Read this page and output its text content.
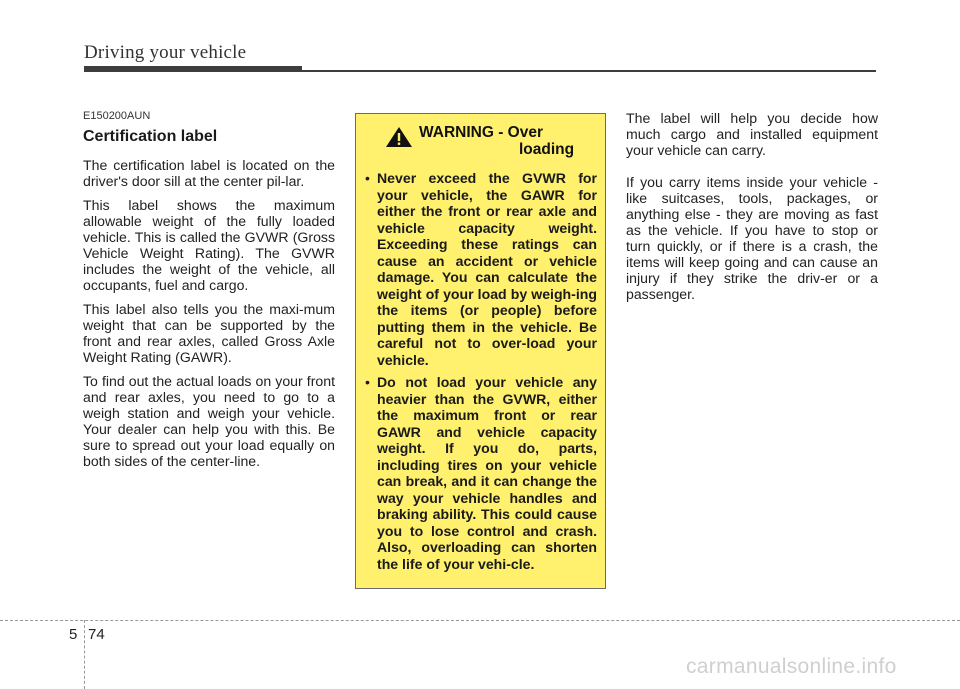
Driving your vehicle
E150200AUN
Certification label

The certification label is located on the driver's door sill at the center pil-lar.

This label shows the maximum allowable weight of the fully loaded vehicle. This is called the GVWR (Gross Vehicle Weight Rating). The GVWR includes the weight of the vehicle, all occupants, fuel and cargo.

This label also tells you the maxi-mum weight that can be supported by the front and rear axles, called Gross Axle Weight Rating (GAWR).

To find out the actual loads on your front and rear axles, you need to go to a weigh station and weigh your vehicle. Your dealer can help you with this. Be sure to spread out your load equally on both sides of the center-line.

WARNING - Over
loading
• Never exceed the GVWR for your vehicle, the GAWR for either the front or rear axle and vehicle capacity weight. Exceeding these ratings can cause an accident or vehicle damage. You can calculate the weight of your load by weigh-ing the items (or people) before putting them in the vehicle. Be careful not to over-load your vehicle.
• Do not load your vehicle any heavier than the GVWR, either the maximum front or rear GAWR and vehicle capacity weight. If you do, parts, including tires on your vehicle can break, and it can change the way your vehicle handles and braking ability. This could cause you to lose control and crash. Also, overloading can shorten the life of your vehi-cle.

The label will help you decide how much cargo and installed equipment your vehicle can carry.

If you carry items inside your vehicle - like suitcases, tools, packages, or anything else - they are moving as fast as the vehicle. If you have to stop or turn quickly, or if there is a crash, the items will keep going and can cause an injury if they strike the driv-er or a passenger.

5 74
carmanualsonline.info
